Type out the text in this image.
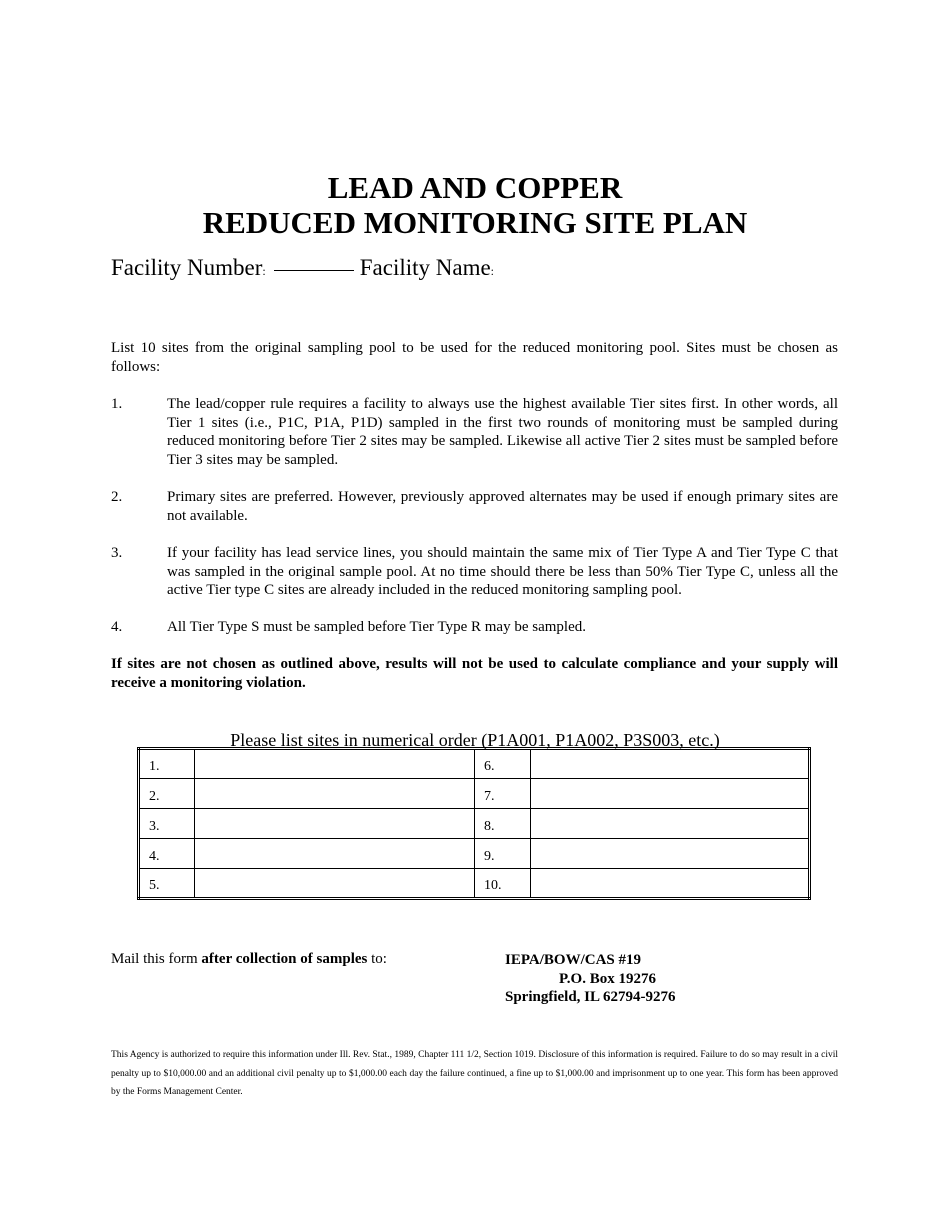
LEAD AND COPPER
REDUCED MONITORING SITE PLAN
Facility Number:	Facility Name:
List 10 sites from the original sampling pool to be used for the reduced monitoring pool. Sites must be chosen as follows:
1.	The lead/copper rule requires a facility to always use the highest available Tier sites first. In other words, all Tier 1 sites (i.e., P1C, P1A, P1D) sampled in the first two rounds of monitoring must be sampled during reduced monitoring before Tier 2 sites may be sampled. Likewise all active Tier 2 sites must be sampled before Tier 3 sites may be sampled.
2.	Primary sites are preferred. However, previously approved alternates may be used if enough primary sites are not available.
3.	If your facility has lead service lines, you should maintain the same mix of Tier Type A and Tier Type C that was sampled in the original sample pool. At no time should there be less than 50% Tier Type C, unless all the active Tier type C sites are already included in the reduced monitoring sampling pool.
4.	All Tier Type S must be sampled before Tier Type R may be sampled.
If sites are not chosen as outlined above, results will not be used to calculate compliance and your supply will receive a monitoring violation.
Please list sites in numerical order (P1A001, P1A002, P3S003, etc.)
1.		6.	
2.		7.	
3.		8.	
4.		9.	
5.		10.	
Mail this form after collection of samples to:	IEPA/BOW/CAS #19
P.O. Box 19276
Springfield, IL 62794-9276
This Agency is authorized to require this information under Ill. Rev. Stat., 1989, Chapter 111 1/2, Section 1019. Disclosure of this information is required. Failure to do so may result in a civil penalty up to $10,000.00 and an additional civil penalty up to $1,000.00 each day the failure continued, a fine up to $1,000.00 and imprisonment up to one year. This form has been approved by the Forms Management Center.
